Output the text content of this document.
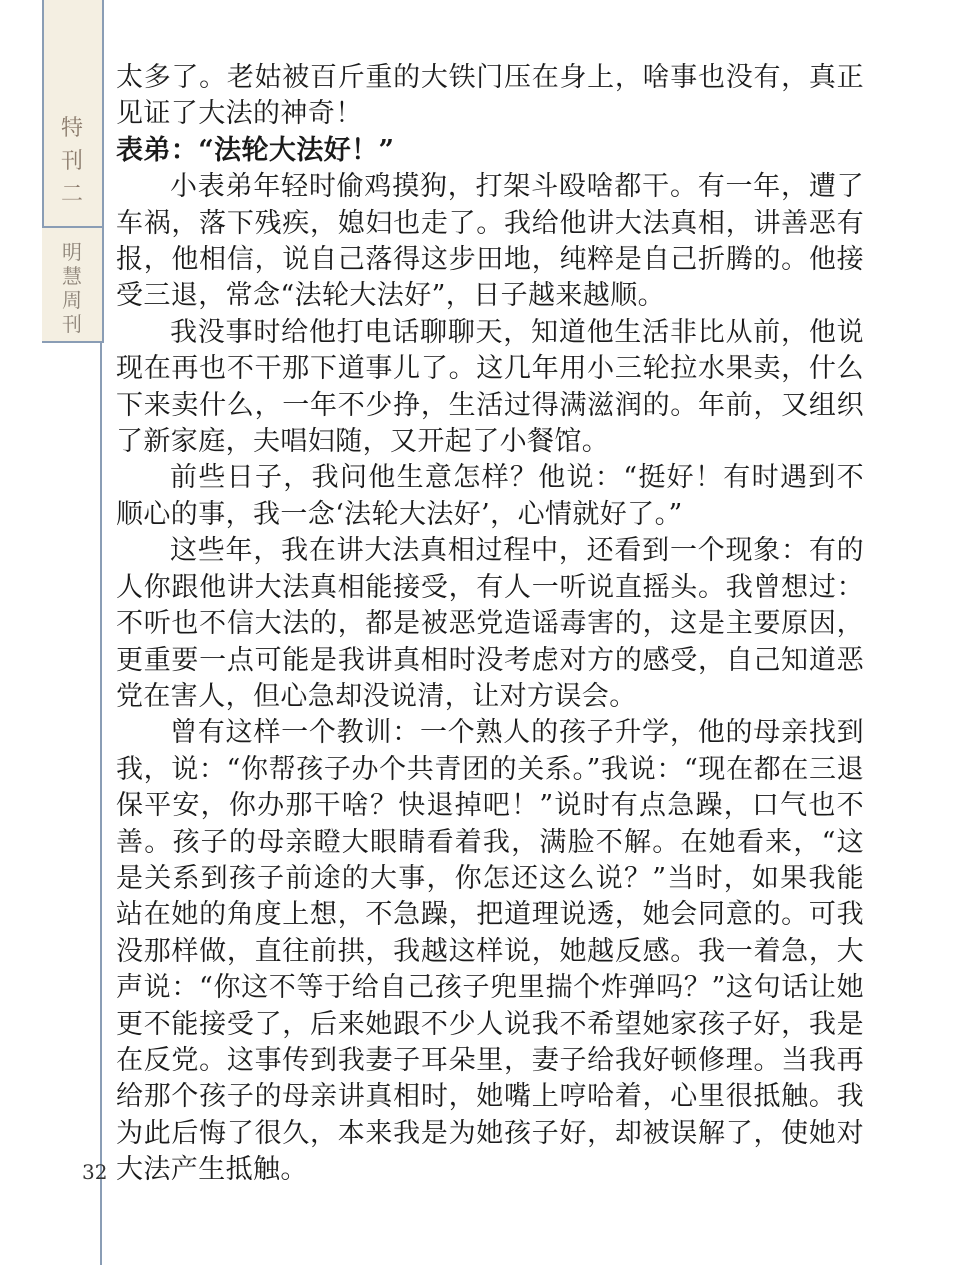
特
刊
二
明
慧
周
刊
32

太多了。老姑被百斤重的大铁门压在身上，啥事也没有，真正见证了大法的神奇！

表弟：“法轮大法好！”

小表弟年轻时偷鸡摸狗，打架斗殴啥都干。有一年，遭了车祸，落下残疾，媳妇也走了。我给他讲大法真相，讲善恶有报，他相信，说自己落得这步田地，纯粹是自己折腾的。他接受三退，常念“法轮大法好”，日子越来越顺。

我没事时给他打电话聊聊天，知道他生活非比从前，他说现在再也不干那下道事儿了。这几年用小三轮拉水果卖，什么下来卖什么，一年不少挣，生活过得满滋润的。年前，又组织了新家庭，夫唱妇随，又开起了小餐馆。

前些日子，我问他生意怎样？他说：“挺好！有时遇到不顺心的事，我一念‘法轮大法好’，心情就好了。”

这些年，我在讲大法真相过程中，还看到一个现象：有的人你跟他讲大法真相能接受，有人一听说直摇头。我曾想过：不听也不信大法的，都是被恶党造谣毒害的，这是主要原因，更重要一点可能是我讲真相时没考虑对方的感受，自己知道恶党在害人，但心急却没说清，让对方误会。

曾有这样一个教训：一个熟人的孩子升学，他的母亲找到我，说：“你帮孩子办个共青团的关系。”我说：“现在都在三退保平安，你办那干啥？快退掉吧！”说时有点急躁，口气也不善。孩子的母亲瞪大眼睛看着我，满脸不解。在她看来，“这是关系到孩子前途的大事，你怎还这么说？”当时，如果我能站在她的角度上想，不急躁，把道理说透，她会同意的。可我没那样做，直往前拱，我越这样说，她越反感。我一着急，大声说：“你这不等于给自己孩子兜里揣个炸弹吗？”这句话让她更不能接受了，后来她跟不少人说我不希望她家孩子好，我是在反党。这事传到我妻子耳朵里，妻子给我好顿修理。当我再给那个孩子的母亲讲真相时，她嘴上哼哈着，心里很抵触。我为此后悔了很久，本来我是为她孩子好，却被误解了，使她对大法产生抵触。
